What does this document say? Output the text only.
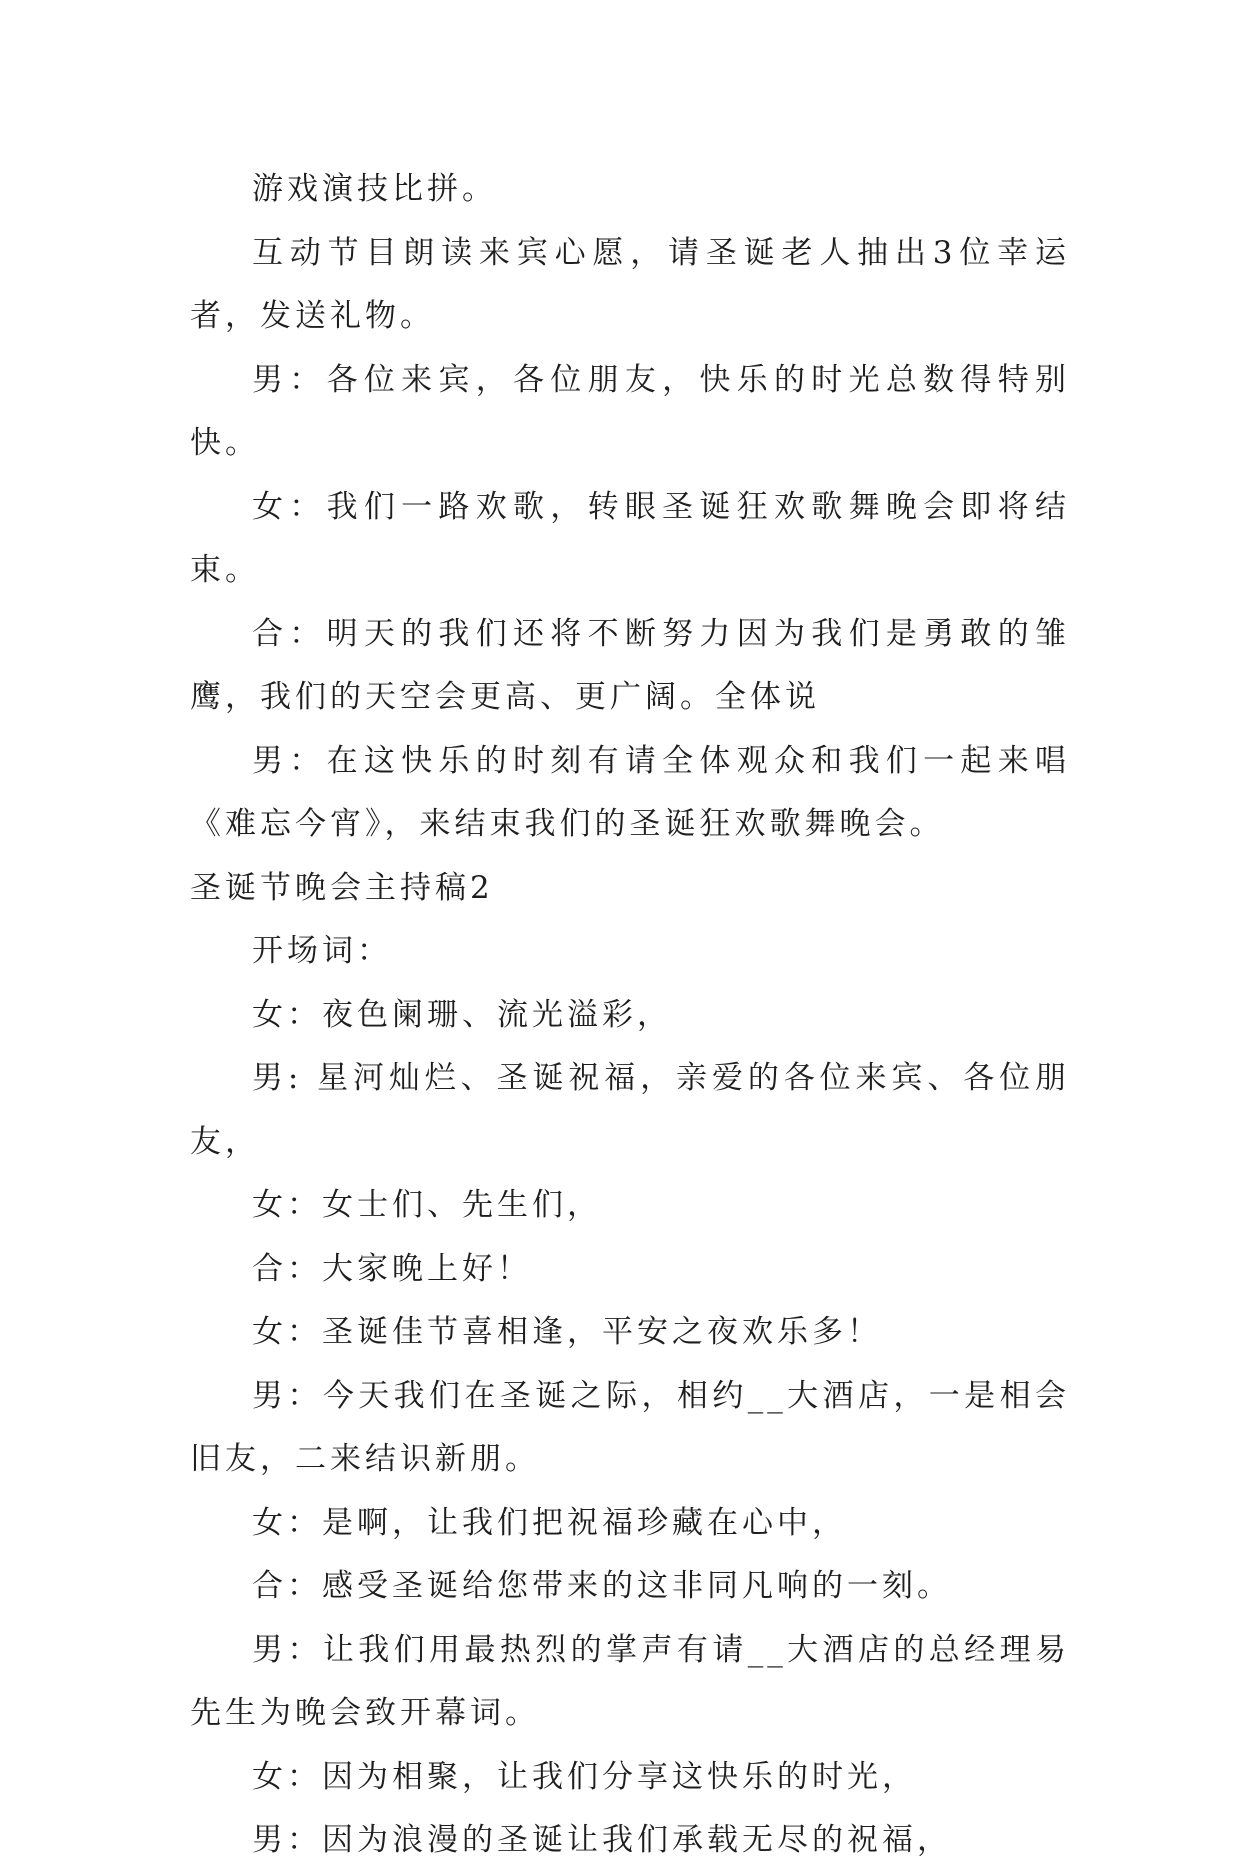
游戏演技比拼。

互动节目朗读来宾心愿，请圣诞老人抽出3位幸运者，发送礼物。

男：各位来宾，各位朋友，快乐的时光总数得特别快。

女：我们一路欢歌，转眼圣诞狂欢歌舞晚会即将结束。

合：明天的我们还将不断努力因为我们是勇敢的雏鹰，我们的天空会更高、更广阔。全体说

男：在这快乐的时刻有请全体观众和我们一起来唱《难忘今宵》，来结束我们的圣诞狂欢歌舞晚会。

圣诞节晚会主持稿2

开场词：

女：夜色阑珊、流光溢彩，

男: 星河灿烂、圣诞祝福，亲爱的各位来宾、各位朋友，

女：女士们、先生们，

合：大家晚上好！

女：圣诞佳节喜相逢，平安之夜欢乐多！

男：今天我们在圣诞之际，相约__大酒店，一是相会旧友，二来结识新朋。

女：是啊，让我们把祝福珍藏在心中，

合：感受圣诞给您带来的这非同凡响的一刻。

男：让我们用最热烈的掌声有请__大酒店的总经理易先生为晚会致开幕词。

女：因为相聚，让我们分享这快乐的时光，

男：因为浪漫的圣诞让我们承载无尽的祝福，
